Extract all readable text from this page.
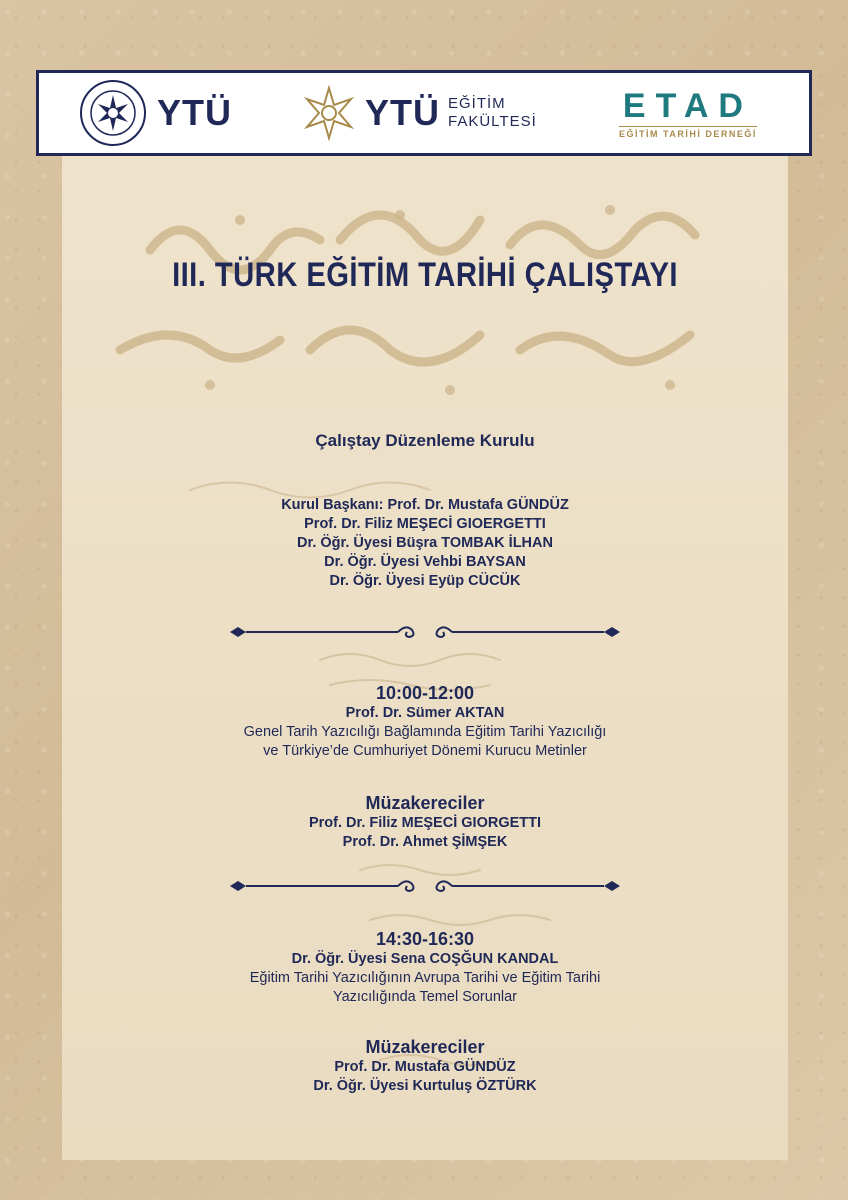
YTÜ	YTÜ EĞİTİM
FAKÜLTESİ	ETAD
EĞİTİM TARİHİ DERNEĞİ
III. TÜRK EĞİTİM TARİHİ ÇALIŞTAYI
Çalıştay Düzenleme Kurulu
Kurul Başkanı: Prof. Dr. Mustafa GÜNDÜZ
Prof. Dr. Filiz MEŞECİ GIOERGETTI
Dr. Öğr. Üyesi Büşra TOMBAK İLHAN
Dr. Öğr. Üyesi Vehbi BAYSAN
Dr. Öğr. Üyesi Eyüp CÜCÜK
10:00-12:00
Prof. Dr. Sümer AKTAN
Genel Tarih Yazıcılığı Bağlamında Eğitim Tarihi Yazıcılığı
ve Türkiye’de Cumhuriyet Dönemi Kurucu Metinler
Müzakereciler
Prof. Dr. Filiz MEŞECİ GIORGETTI
Prof. Dr. Ahmet ŞİMŞEK
14:30-16:30
Dr. Öğr. Üyesi Sena COŞĞUN KANDAL
Eğitim Tarihi Yazıcılığının Avrupa Tarihi ve Eğitim Tarihi
Yazıcılığında Temel Sorunlar
Müzakereciler
Prof. Dr. Mustafa GÜNDÜZ
Dr. Öğr. Üyesi Kurtuluş ÖZTÜRK
